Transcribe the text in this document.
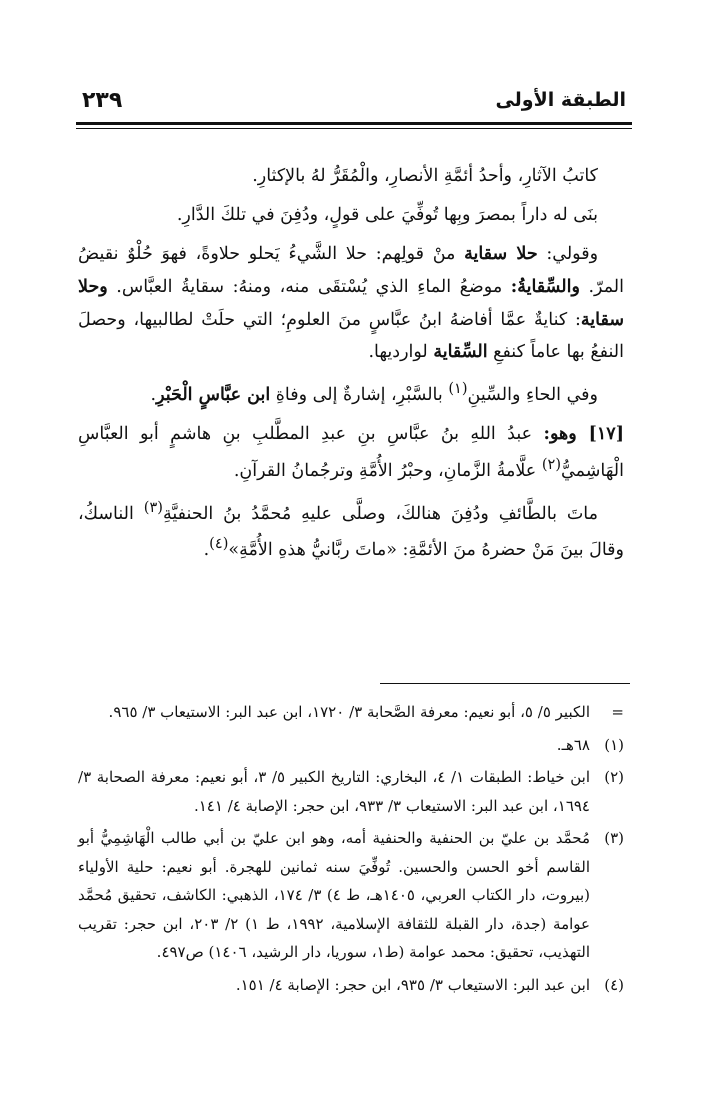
الطبقة الأولى
٢٣٩

كاتبُ الآثارِ، وأحدُ أئمَّةِ الأنصارِ، والْمُقَرُّ لهُ بالإكثارِ.

بنَى له داراً بمصرَ وبِها تُوفِّيَ على قولٍ، ودُفِنَ في تلكَ الدَّارِ.

وقولي: حلا سقاية منْ قولِهم: حلا الشَّيءُ يَحلو حلاوةً، فهوَ حُلْوٌ نقيضُ المرّ. والسِّقايةُ: موضعُ الماءِ الذي يُسْتقَى منه، ومنهُ: سقايةُ العبَّاس. وحلا سقاية: كنايةٌ عمَّا أفاضهُ ابنُ عبَّاسٍ منَ العلومِ؛ التي حلَتْ لطالبيها، وحصلَ النفعُ بها عاماً كنفعِ السِّقاية لوارديها.

وفي الحاءِ والسِّينِ$^{(١)}$ بالسَّبْرِ، إشارةٌ إلى وفاةِ ابن عبَّاسٍ الْحَبْرِ.

[١٧] وهو: عبدُ اللهِ بنُ عبَّاسِ بنِ عبدِ المطَّلبِ بنِ هاشمٍ أبو العبَّاسِ الْهَاشِميُّ$^{(٢)}$ علَّامةُ الزَّمانِ، وحبْرُ الأُمَّةِ وترجُمانُ القرآنِ.

ماتَ بالطَّائفِ ودُفِنَ هنالكَ، وصلَّى عليهِ مُحمَّدُ بنُ الحنفيَّةِ$^{(٣)}$ الناسكُ، وقالَ بينَ مَنْ حضرهُ منَ الأئمَّةِ: «ماتَ ربَّانيُّ هذهِ الأُمَّةِ»$^{(٤)}$.

=
الكبير ٥/ ٥، أبو نعيم: معرفة الصَّحابة ٣/ ١٧٢٠، ابن عبد البر: الاستيعاب ٣/ ٩٦٥.
(١)
٦٨هـ.
(٢)
ابن خياط: الطبقات ١/ ٤، البخاري: التاريخ الكبير ٥/ ٣، أبو نعيم: معرفة الصحابة ٣/ ١٦٩٤، ابن عبد البر: الاستيعاب ٣/ ٩٣٣، ابن حجر: الإصابة ٤/ ١٤١.
(٣)
مُحمَّد بن عليّ بن الحنفية والحنفية أمه، وهو ابن عليّ بن أبي طالب الْهَاشِمِيُّ أبو القاسم أخو الحسن والحسين. تُوفِّيَ سنه ثمانين للهجرة. أبو نعيم: حلية الأولياء (بيروت، دار الكتاب العربي، ١٤٠٥هـ، ط ٤) ٣/ ١٧٤، الذهبي: الكاشف، تحقيق مُحمَّد عوامة (جدة، دار القبلة للثقافة الإسلامية، ١٩٩٢، ط ١) ٢/ ٢٠٣، ابن حجر: تقريب التهذيب، تحقيق: محمد عوامة (ط١، سوريا، دار الرشيد، ١٤٠٦) ص٤٩٧.
(٤)
ابن عبد البر: الاستيعاب ٣/ ٩٣٥، ابن حجر: الإصابة ٤/ ١٥١.
